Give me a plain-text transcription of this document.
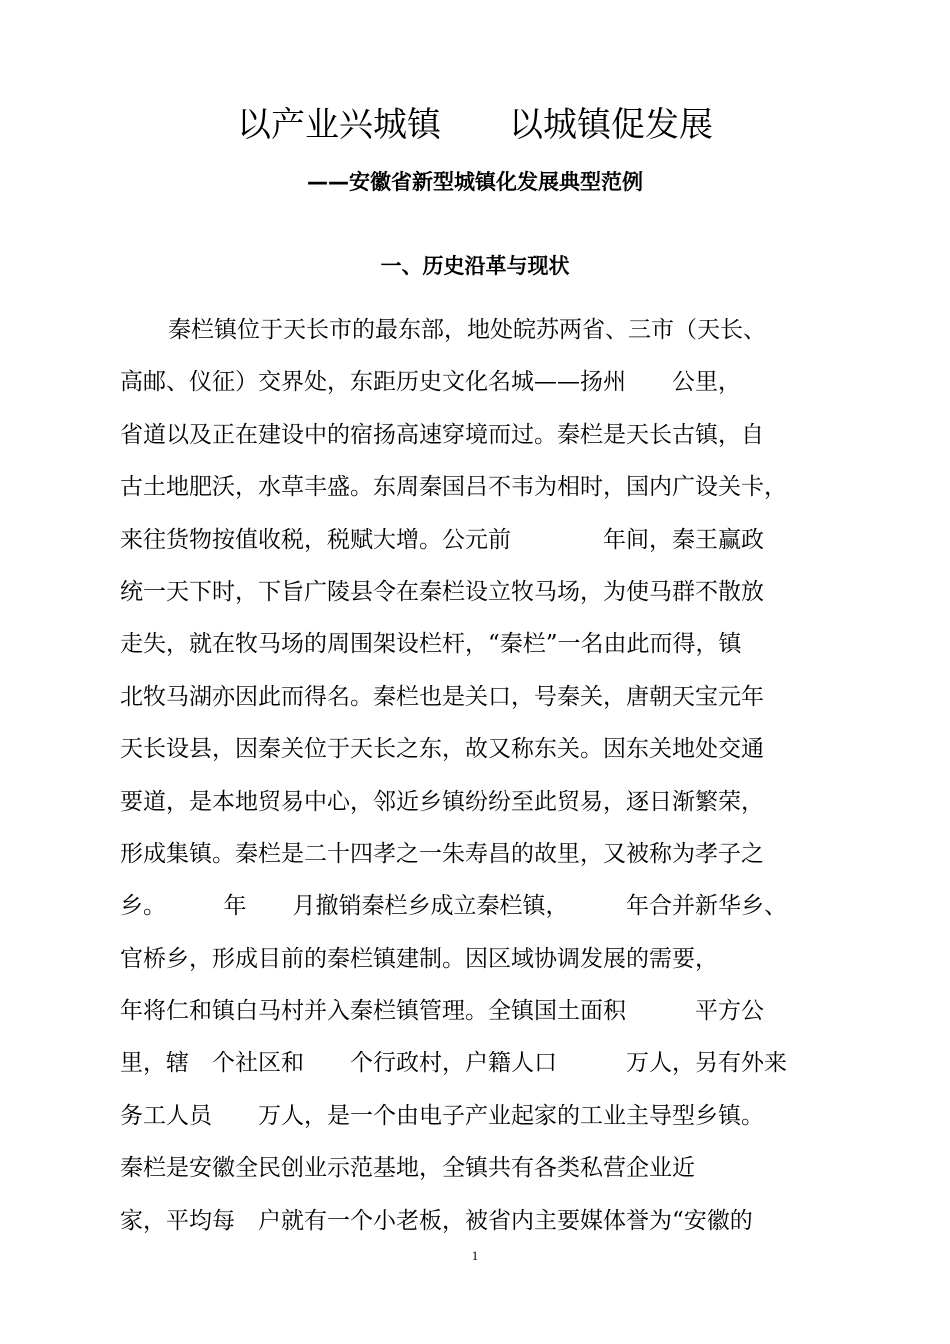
以产业兴城镇　　以城镇促发展
——安徽省新型城镇化发展典型范例
一、历史沿革与现状
秦栏镇位于天长市的最东部，地处皖苏两省、三市（天长、
高邮、仪征）交界处，东距历史文化名城——扬州　　公里，
省道以及正在建设中的宿扬高速穿境而过。秦栏是天长古镇，自
古土地肥沃，水草丰盛。东周秦国吕不韦为相时，国内广设关卡，
来往货物按值收税，税赋大增。公元前　　　　年间，秦王赢政
统一天下时，下旨广陵县令在秦栏设立牧马场，为使马群不散放
走失，就在牧马场的周围架设栏杆，“秦栏”一名由此而得，镇
北牧马湖亦因此而得名。秦栏也是关口，号秦关，唐朝天宝元年
天长设县，因秦关位于天长之东，故又称东关。因东关地处交通
要道，是本地贸易中心，邻近乡镇纷纷至此贸易，逐日渐繁荣，
形成集镇。秦栏是二十四孝之一朱寿昌的故里，又被称为孝子之
乡。　　　年　　月撤销秦栏乡成立秦栏镇，　　　年合并新华乡、
官桥乡，形成目前的秦栏镇建制。因区域协调发展的需要，
年将仁和镇白马村并入秦栏镇管理。全镇国土面积　　　平方公
里，辖　个社区和　　个行政村，户籍人口　　　万人，另有外来
务工人员　　万人，是一个由电子产业起家的工业主导型乡镇。
秦栏是安徽全民创业示范基地，全镇共有各类私营企业近
家，平均每　户就有一个小老板，被省内主要媒体誉为“安徽的
1
